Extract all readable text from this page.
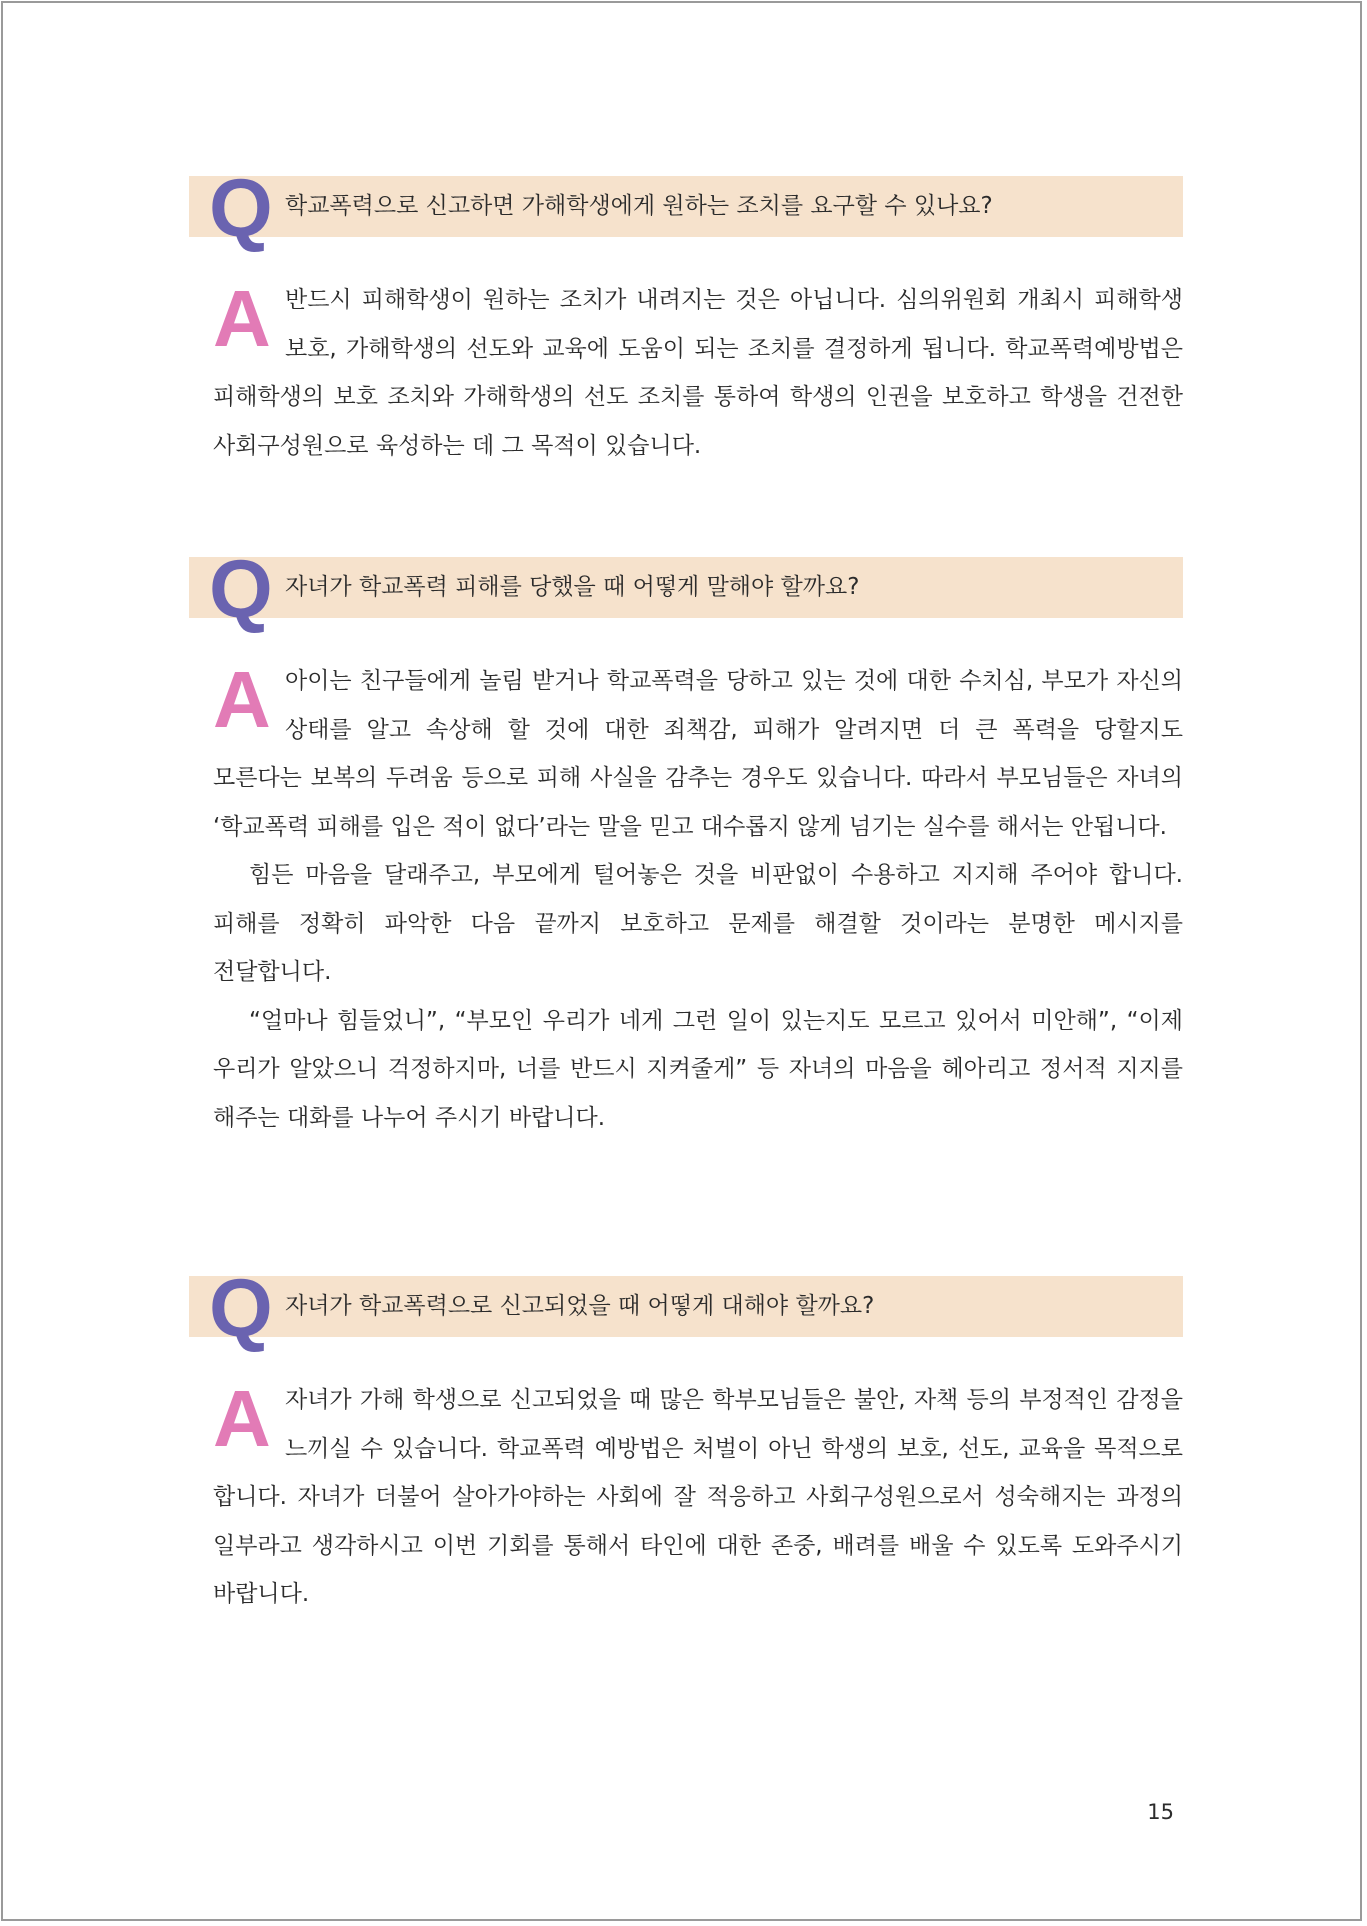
Q 학교폭력으로 신고하면 가해학생에게 원하는 조치를 요구할 수 있나요?
A 반드시 피해학생이 원하는 조치가 내려지는 것은 아닙니다. 심의위원회 개최시 피해학생 보호, 가해학생의 선도와 교육에 도움이 되는 조치를 결정하게 됩니다. 학교폭력예방법은 피해학생의 보호 조치와 가해학생의 선도 조치를 통하여 학생의 인권을 보호하고 학생을 건전한 사회구성원으로 육성하는 데 그 목적이 있습니다.

Q 자녀가 학교폭력 피해를 당했을 때 어떻게 말해야 할까요?
A 아이는 친구들에게 놀림 받거나 학교폭력을 당하고 있는 것에 대한 수치심, 부모가 자신의 상태를 알고 속상해 할 것에 대한 죄책감, 피해가 알려지면 더 큰 폭력을 당할지도 모른다는 보복의 두려움 등으로 피해 사실을 감추는 경우도 있습니다. 따라서 부모님들은 자녀의 ‘학교폭력 피해를 입은 적이 없다’라는 말을 믿고 대수롭지 않게 넘기는 실수를 해서는 안됩니다.

힘든 마음을 달래주고, 부모에게 털어놓은 것을 비판없이 수용하고 지지해 주어야 합니다. 피해를 정확히 파악한 다음 끝까지 보호하고 문제를 해결할 것이라는 분명한 메시지를 전달합니다.

“얼마나 힘들었니”, “부모인 우리가 네게 그런 일이 있는지도 모르고 있어서 미안해”, “이제 우리가 알았으니 걱정하지마, 너를 반드시 지켜줄게” 등 자녀의 마음을 헤아리고 정서적 지지를 해주는 대화를 나누어 주시기 바랍니다.

Q 자녀가 학교폭력으로 신고되었을 때 어떻게 대해야 할까요?
A 자녀가 가해 학생으로 신고되었을 때 많은 학부모님들은 불안, 자책 등의 부정적인 감정을 느끼실 수 있습니다. 학교폭력 예방법은 처벌이 아닌 학생의 보호, 선도, 교육을 목적으로 합니다. 자녀가 더불어 살아가야하는 사회에 잘 적응하고 사회구성원으로서 성숙해지는 과정의 일부라고 생각하시고 이번 기회를 통해서 타인에 대한 존중, 배려를 배울 수 있도록 도와주시기 바랍니다.

15
